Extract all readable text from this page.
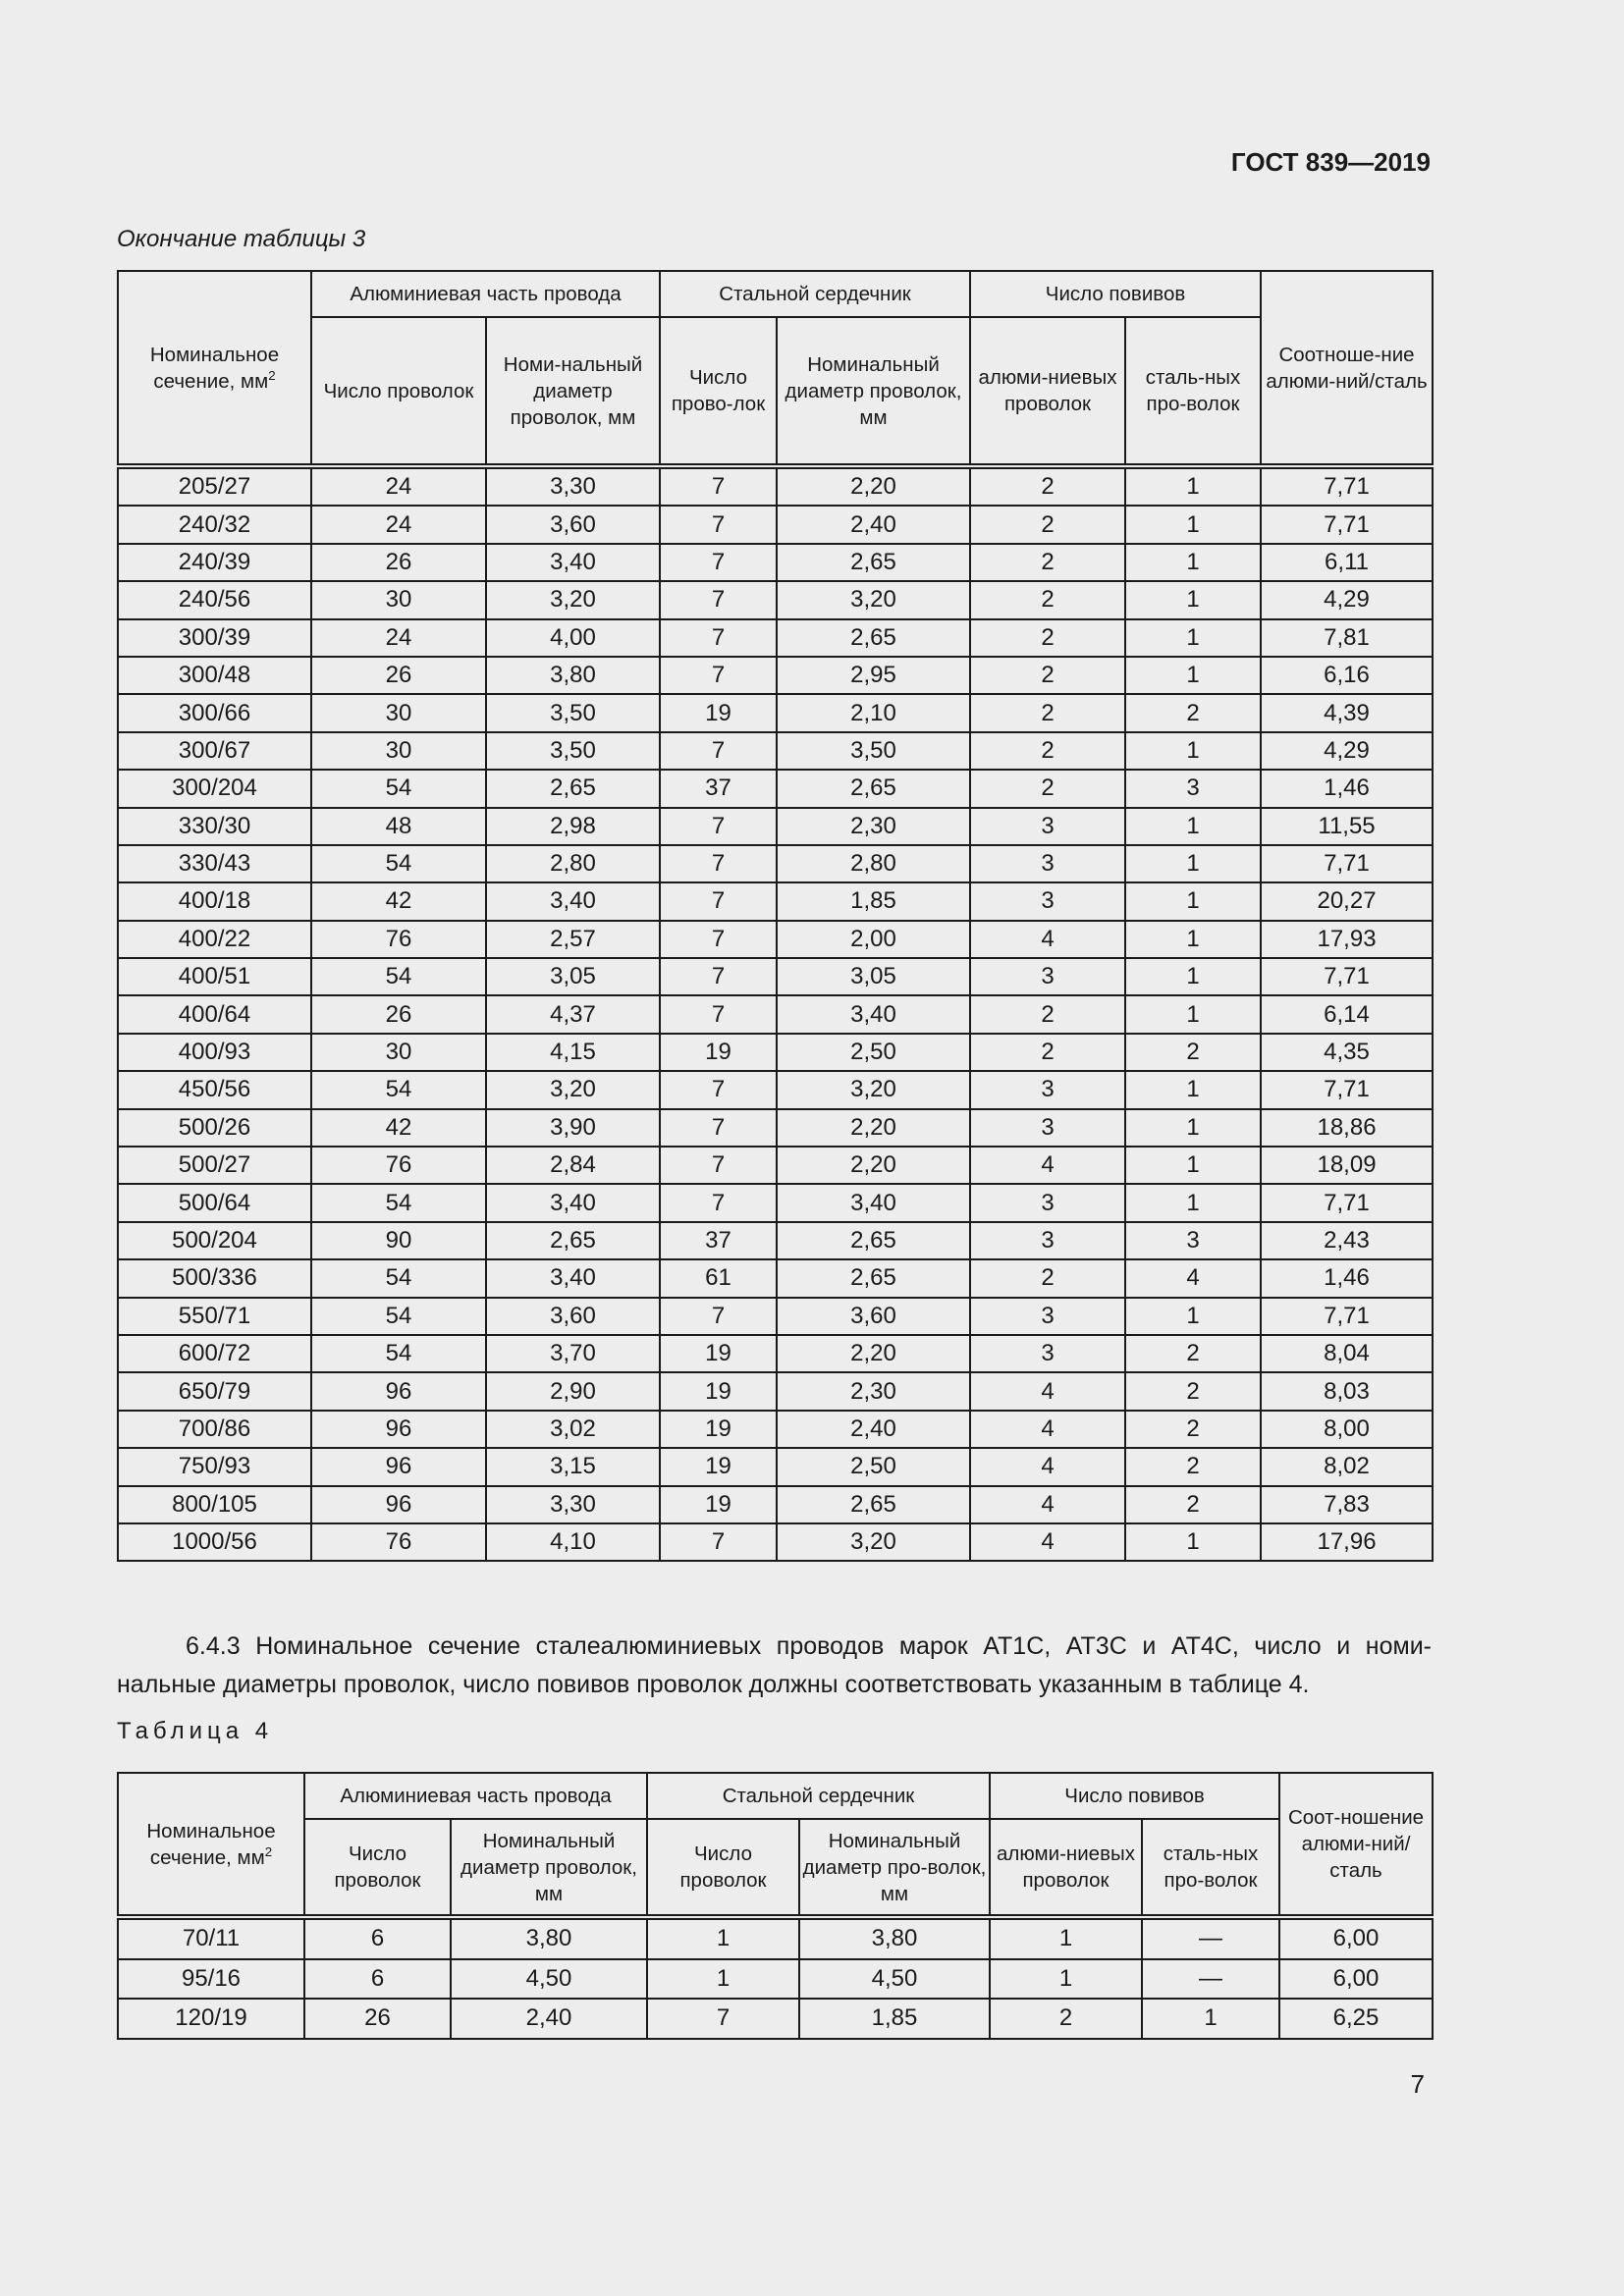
ГОСТ 839—2019
Окончание таблицы 3
Номинальное сечение, $мм^2$	Алюминиевая часть провода		Стальной сердечник		Число повивов		Соотноше-ние алюми-ний/сталь
	Число проволок	Номи-нальный диаметр проволок, мм	Число прово-лок	Номинальный диаметр проволок, мм	алюми-ниевых проволок	сталь-ных про-волок	
205/27	24	3,30	7	2,20	2	1	7,71
240/32	24	3,60	7	2,40	2	1	7,71
240/39	26	3,40	7	2,65	2	1	6,11
240/56	30	3,20	7	3,20	2	1	4,29
300/39	24	4,00	7	2,65	2	1	7,81
300/48	26	3,80	7	2,95	2	1	6,16
300/66	30	3,50	19	2,10	2	2	4,39
300/67	30	3,50	7	3,50	2	1	4,29
300/204	54	2,65	37	2,65	2	3	1,46
330/30	48	2,98	7	2,30	3	1	11,55
330/43	54	2,80	7	2,80	3	1	7,71
400/18	42	3,40	7	1,85	3	1	20,27
400/22	76	2,57	7	2,00	4	1	17,93
400/51	54	3,05	7	3,05	3	1	7,71
400/64	26	4,37	7	3,40	2	1	6,14
400/93	30	4,15	19	2,50	2	2	4,35
450/56	54	3,20	7	3,20	3	1	7,71
500/26	42	3,90	7	2,20	3	1	18,86
500/27	76	2,84	7	2,20	4	1	18,09
500/64	54	3,40	7	3,40	3	1	7,71
500/204	90	2,65	37	2,65	3	3	2,43
500/336	54	3,40	61	2,65	2	4	1,46
550/71	54	3,60	7	3,60	3	1	7,71
600/72	54	3,70	19	2,20	3	2	8,04
650/79	96	2,90	19	2,30	4	2	8,03
700/86	96	3,02	19	2,40	4	2	8,00
750/93	96	3,15	19	2,50	4	2	8,02
800/105	96	3,30	19	2,65	4	2	7,83
1000/56	76	4,10	7	3,20	4	1	17,96
6.4.3 Номинальное сечение сталеалюминиевых проводов марок АТ1С, АТ3С и АТ4С, число и номи-
нальные диаметры проволок, число повивов проволок должны соответствовать указанным в таблице 4.
Таблица 4
Номинальное сечение, $мм^2$	Алюминиевая часть провода		Стальной сердечник		Число повивов		Соот-ношение алюми-ний/сталь
	Число проволок	Номинальный диаметр проволок, мм	Число проволок	Номинальный диаметр про-волок, мм	алюми-ниевых проволок	сталь-ных про-волок	
70/11	6	3,80	1	3,80	1	—	6,00
95/16	6	4,50	1	4,50	1	—	6,00
120/19	26	2,40	7	1,85	2	1	6,25
7
